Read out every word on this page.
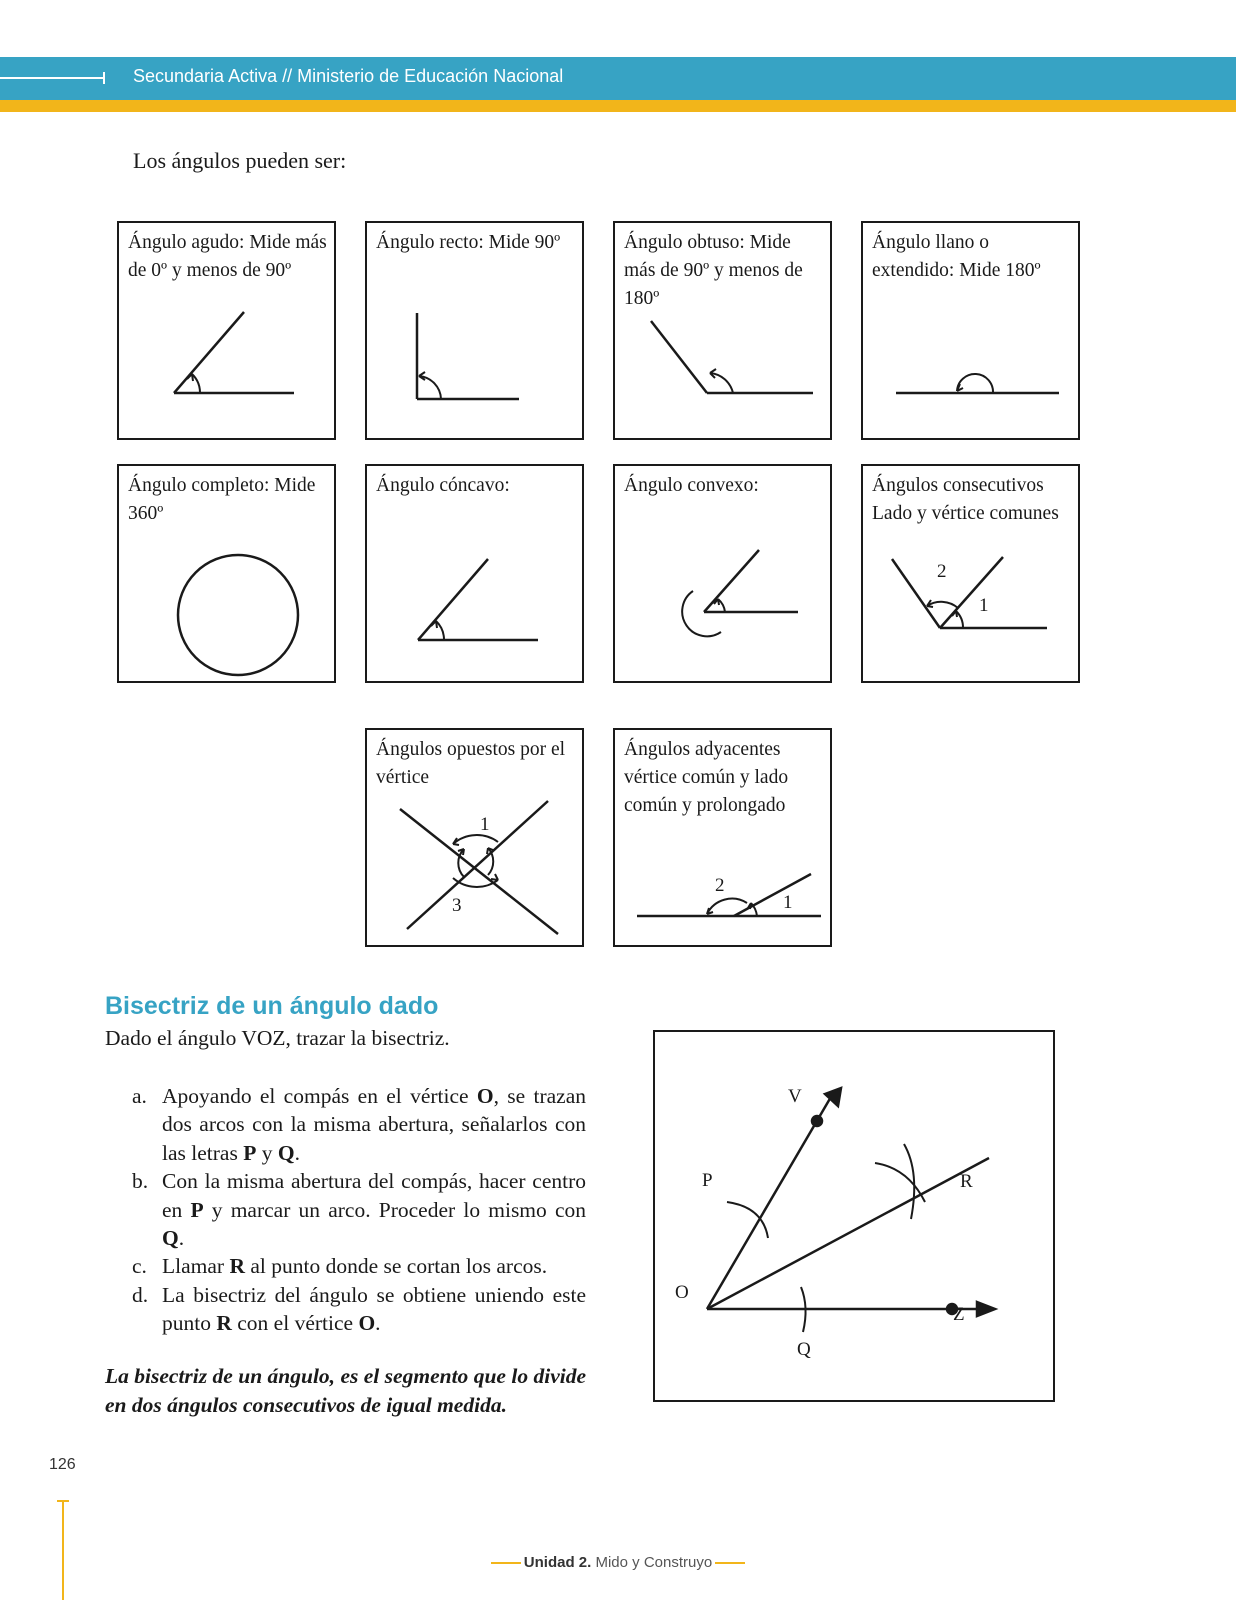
Secundaria Activa // Ministerio de Educación Nacional
Los ángulos pueden ser:
Ángulo agudo: Mide más de 0º y menos de 90º
Ángulo recto: Mide 90º	Ángulo obtuso: Mide más de 90º y menos de 180º
Ángulo llano o extendido: Mide 180º
Ángulo completo: Mide 360º
Ángulo cóncavo:	Ángulo convexo:	Ángulos consecutivos Lado y vértice comunes
2
1
Ángulos opuestos por el vértice
1
3
Ángulos adyacentes vértice común y lado común y prolongado
2
1
Bisectriz de un ángulo dado
Dado el ángulo VOZ, trazar la bisectriz.
a. Apoyando el compás en el vértice O, se trazan dos arcos con la misma abertura, señalarlos con las letras P y Q.
b. Con la misma abertura del compás, hacer centro en P y marcar un arco. Proceder lo mismo con Q.
c. Llamar R al punto donde se cortan los arcos.
d. La bisectriz del ángulo se obtiene uniendo este punto R con el vértice O.
La bisectriz de un ángulo, es el segmento que lo divide en dos ángulos consecutivos de igual medida.
V
P	R
O
Z
Q
126
Unidad 2. Mido y Construyo
